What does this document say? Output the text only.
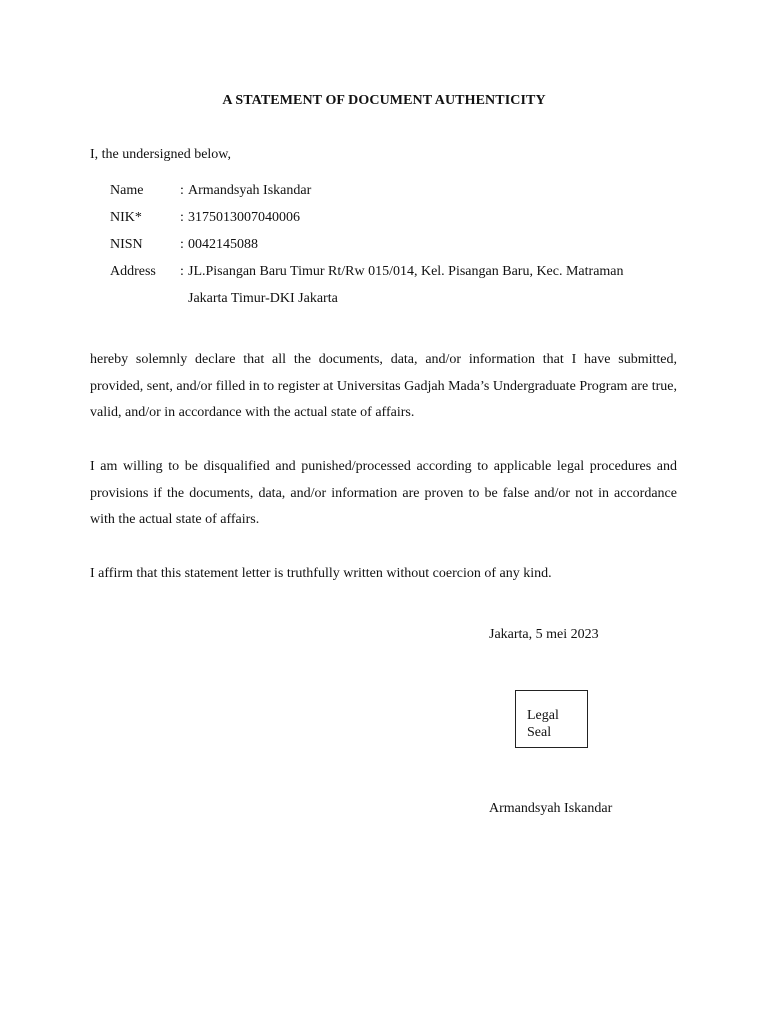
A STATEMENT OF DOCUMENT AUTHENTICITY
I, the undersigned below,
Name	: Armandsyah Iskandar
NIK*	: 3175013007040006
NISN	: 0042145088
Address	: JL.Pisangan Baru Timur Rt/Rw 015/014, Kel. Pisangan Baru, Kec. Matraman
Jakarta Timur-DKI Jakarta
hereby solemnly declare that all the documents, data, and/or information that I have submitted, provided, sent, and/or filled in to register at Universitas Gadjah Mada’s Undergraduate Program are true, valid, and/or in accordance with the actual state of affairs.
I am willing to be disqualified and punished/processed according to applicable legal procedures and provisions if the documents, data, and/or information are proven to be false and/or not in accordance with the actual state of affairs.
I affirm that this statement letter is truthfully written without coercion of any kind.
Jakarta, 5 mei 2023
Legal
Seal
Armandsyah Iskandar
